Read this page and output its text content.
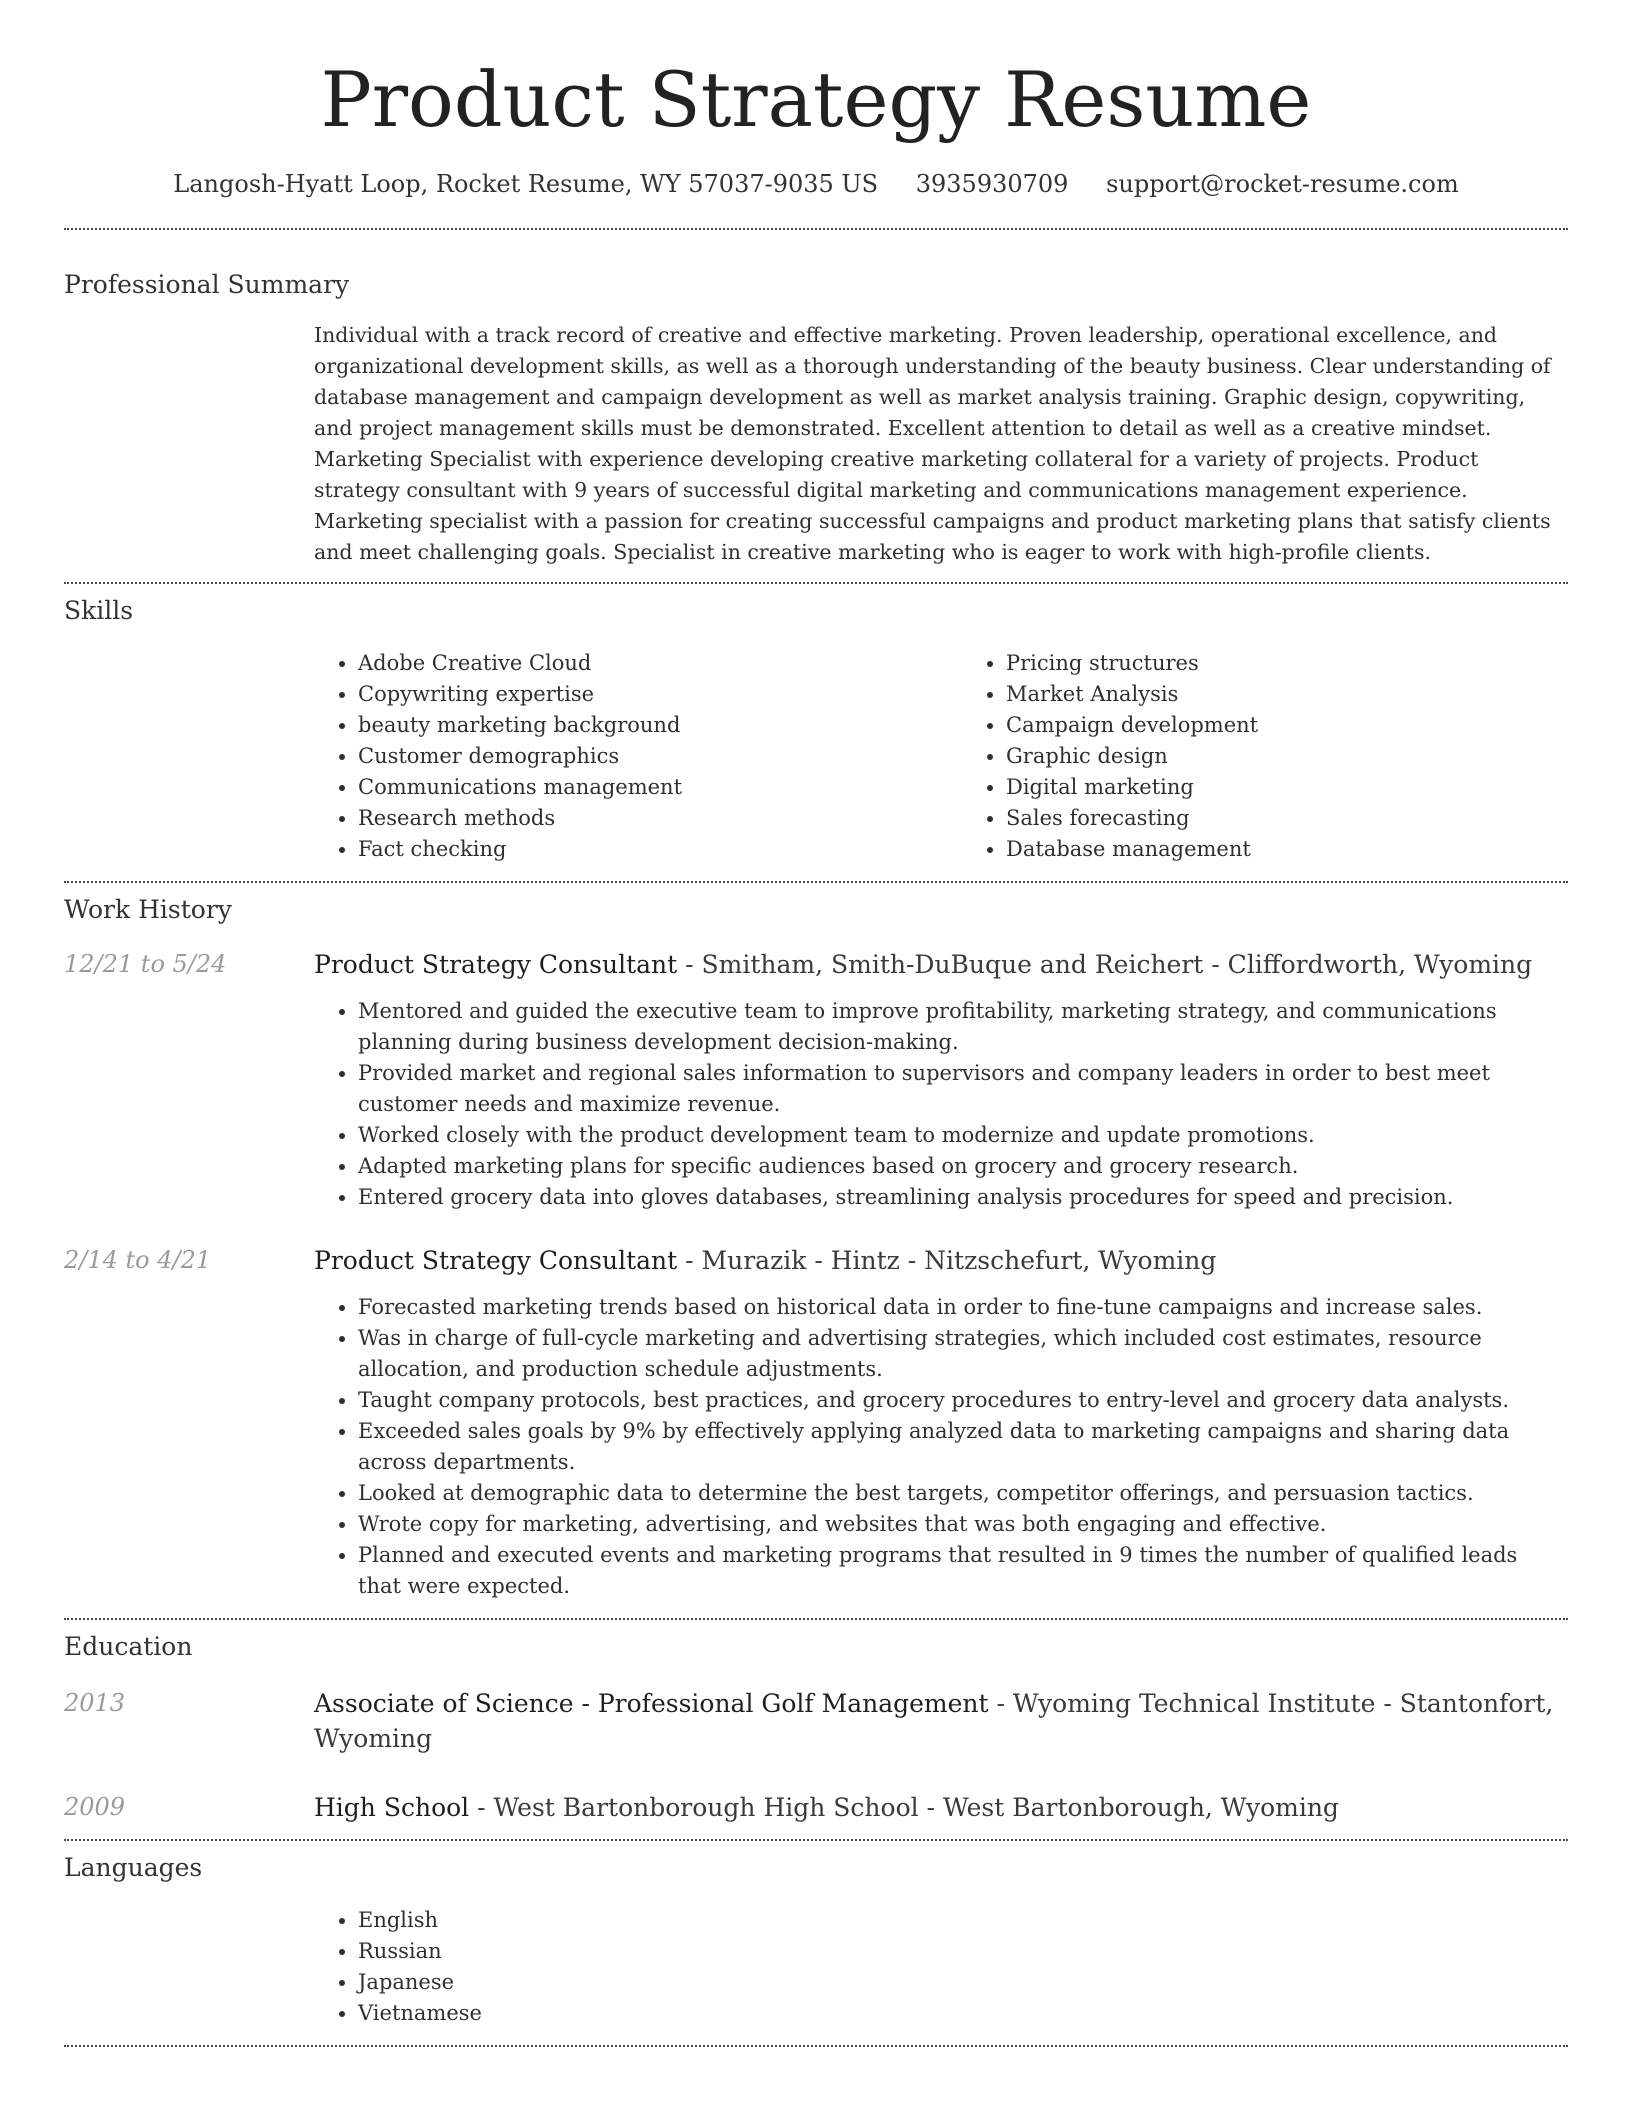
Product Strategy Resume
Langosh-Hyatt Loop, Rocket Resume, WY 57037-9035 US 3935930709 support@rocket-resume.com
Professional Summary

Individual with a track record of creative and effective marketing. Proven leadership, operational excellence, and organizational development skills, as well as a thorough understanding of the beauty business. Clear understanding of database management and campaign development as well as market analysis training. Graphic design, copywriting, and project management skills must be demonstrated. Excellent attention to detail as well as a creative mindset. Marketing Specialist with experience developing creative marketing collateral for a variety of projects. Product strategy consultant with 9 years of successful digital marketing and communications management experience. Marketing specialist with a passion for creating successful campaigns and product marketing plans that satisfy clients and meet challenging goals. Specialist in creative marketing who is eager to work with high-profile clients.

Skills
• Adobe Creative Cloud
• Copywriting expertise
• beauty marketing background
• Customer demographics
• Communications management
• Research methods
• Fact checking
• Pricing structures
• Market Analysis
• Campaign development
• Graphic design
• Digital marketing
• Sales forecasting
• Database management
Work History
12/21 to 5/24	Product Strategy Consultant - Smitham, Smith-DuBuque and Reichert - Cliffordworth, Wyoming
• Mentored and guided the executive team to improve profitability, marketing strategy, and communications planning during business development decision-making.
• Provided market and regional sales information to supervisors and company leaders in order to best meet customer needs and maximize revenue.
• Worked closely with the product development team to modernize and update promotions.
• Adapted marketing plans for specific audiences based on grocery and grocery research.
• Entered grocery data into gloves databases, streamlining analysis procedures for speed and precision.
2/14 to 4/21	Product Strategy Consultant - Murazik - Hintz - Nitzschefurt, Wyoming
• Forecasted marketing trends based on historical data in order to fine-tune campaigns and increase sales.
• Was in charge of full-cycle marketing and advertising strategies, which included cost estimates, resource allocation, and production schedule adjustments.
• Taught company protocols, best practices, and grocery procedures to entry-level and grocery data analysts.
• Exceeded sales goals by 9% by effectively applying analyzed data to marketing campaigns and sharing data across departments.
• Looked at demographic data to determine the best targets, competitor offerings, and persuasion tactics.
• Wrote copy for marketing, advertising, and websites that was both engaging and effective.
• Planned and executed events and marketing programs that resulted in 9 times the number of qualified leads that were expected.
Education
2013	Associate of Science - Professional Golf Management - Wyoming Technical Institute - Stantonfort, Wyoming
2009	High School - West Bartonborough High School - West Bartonborough, Wyoming
Languages
• English
• Russian
• Japanese
• Vietnamese
